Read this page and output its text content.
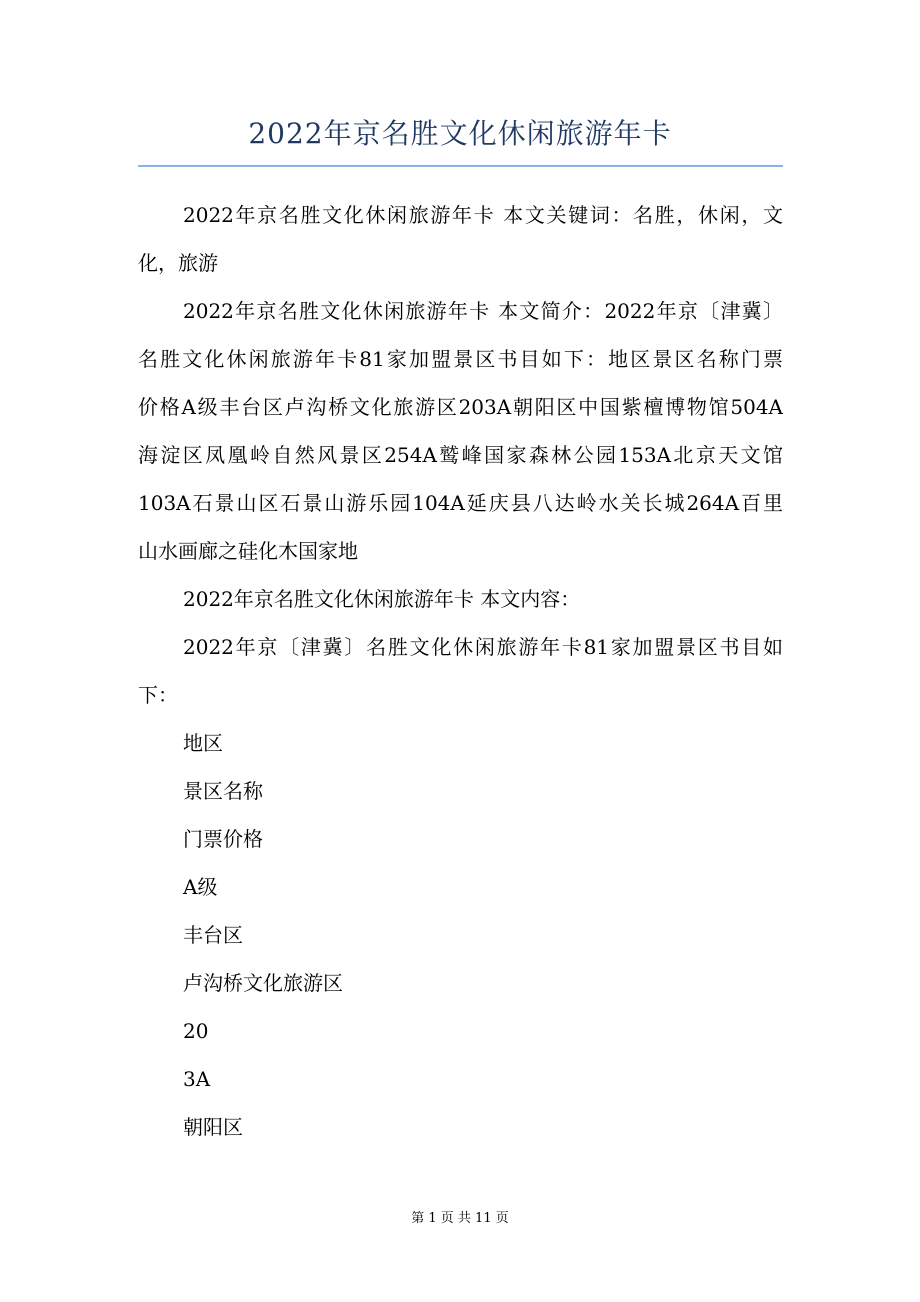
2022年京名胜文化休闲旅游年卡
2022年京名胜文化休闲旅游年卡 本文关键词：名胜，休闲，文
化，旅游
2022年京名胜文化休闲旅游年卡 本文简介：2022年京〔津冀〕
名胜文化休闲旅游年卡81家加盟景区书目如下：地区景区名称门票
价格A级丰台区卢沟桥文化旅游区203A朝阳区中国紫檀博物馆504A
海淀区凤凰岭自然风景区254A鹫峰国家森林公园153A北京天文馆
103A石景山区石景山游乐园104A延庆县八达岭水关长城264A百里
山水画廊之硅化木国家地
2022年京名胜文化休闲旅游年卡 本文内容：
2022年京〔津冀〕名胜文化休闲旅游年卡81家加盟景区书目如
下：
地区
景区名称
门票价格
A级
丰台区
卢沟桥文化旅游区
20
3A
朝阳区
第 1 页 共 11 页
